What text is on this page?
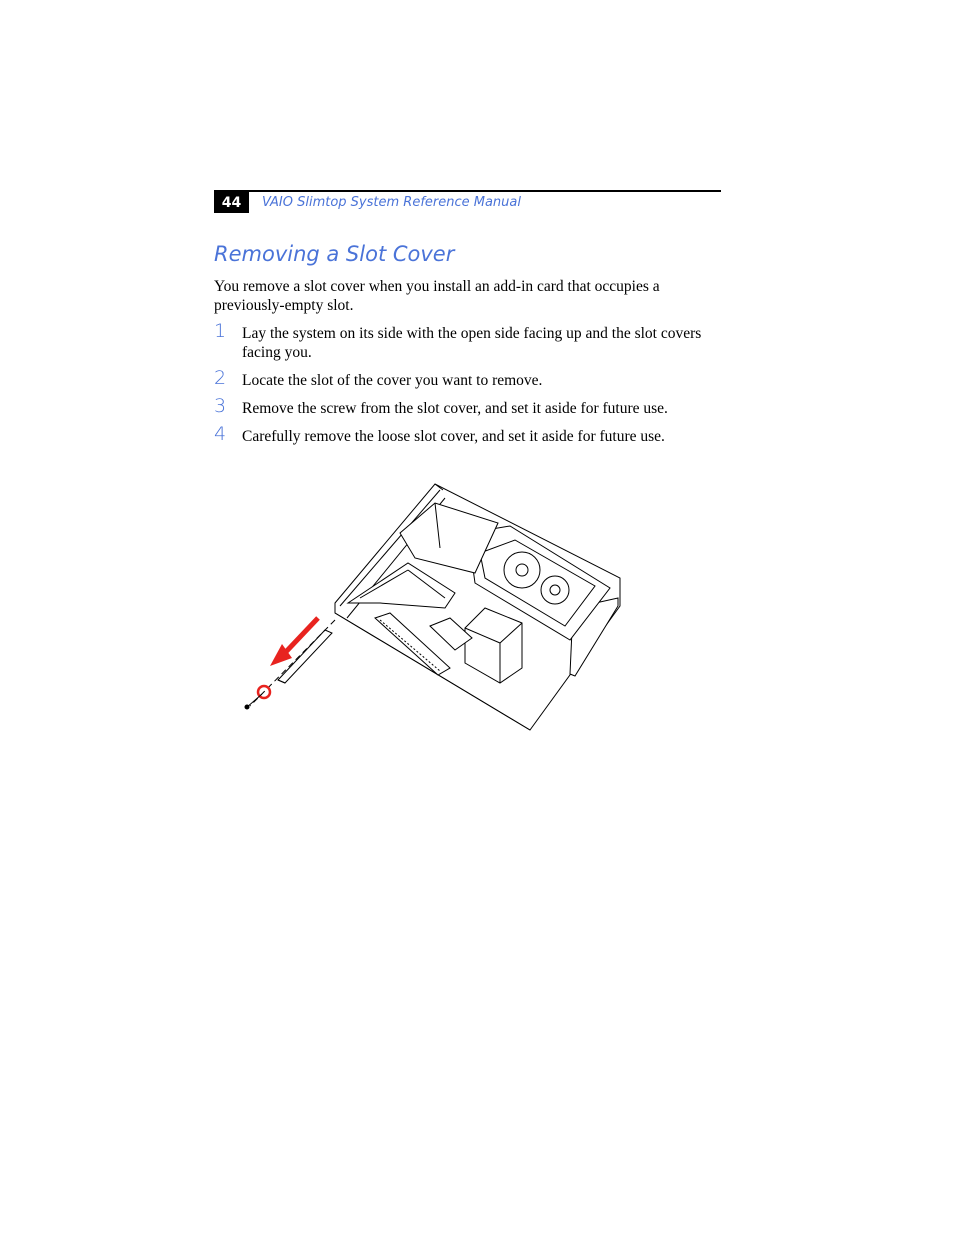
44	VAIO Slimtop System Reference Manual
Removing a Slot Cover

You remove a slot cover when you install an add-in card that occupies a previously-empty slot.

1 Lay the system on its side with the open side facing up and the slot covers facing you.
2 Locate the slot of the cover you want to remove.
3 Remove the screw from the slot cover, and set it aside for future use.
4 Carefully remove the loose slot cover, and set it aside for future use.
